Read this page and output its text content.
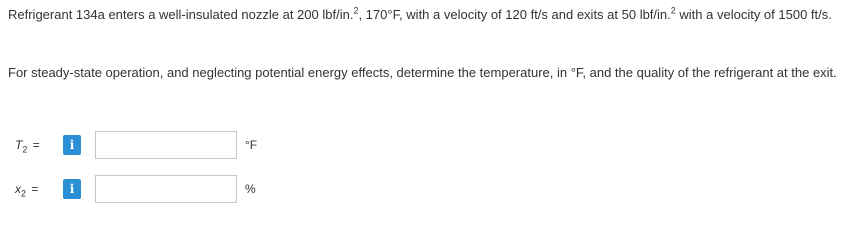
Refrigerant 134a enters a well-insulated nozzle at 200 lbf/in.$^2$, 170°F, with a velocity of 120 ft/s and exits at 50 lbf/in.$^2$ with a velocity of 1500 ft/s.

For steady-state operation, and neglecting potential energy effects, determine the temperature, in °F, and the quality of the refrigerant at the exit.

$T_2$ =	i	°F
$x_2$ =	i	%
